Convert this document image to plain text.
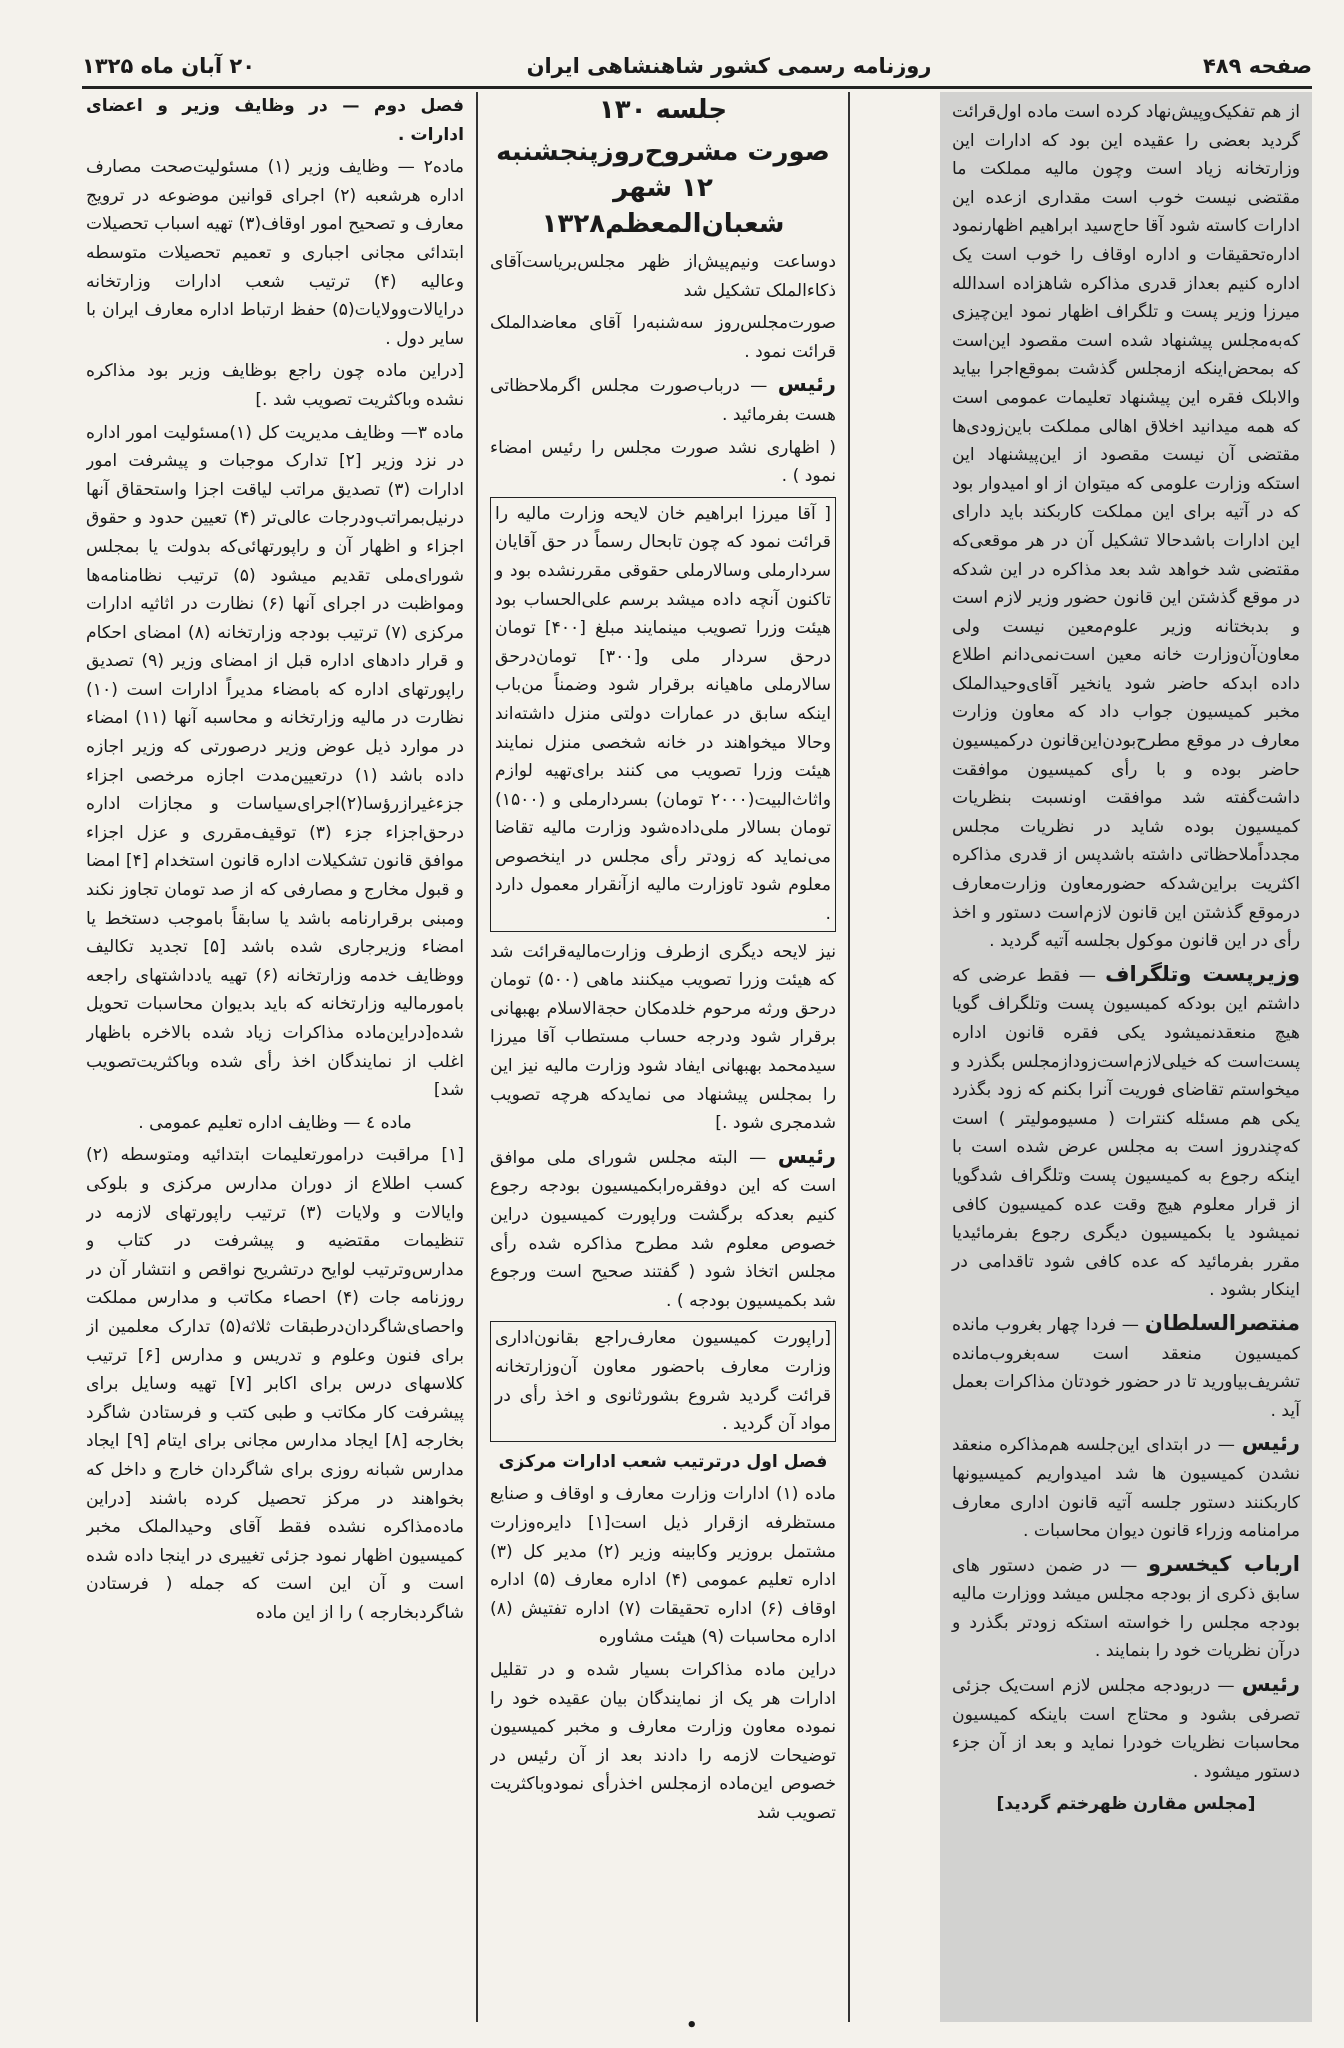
صفحه ۴۸۹
روزنامه رسمی کشور شاهنشاهی ایران
۲۰ آبان ماه ۱۳۲۵

از هم تفکیک‌وپیش‌نهاد کرده است ماده اول‌قرائت گردید بعضی را عقیده این بود که ادارات این وزارتخانه زیاد است وچون مالیه مملکت ما مقتضی نیست خوب است مقداری ازعده این ادارات کاسته شود آقا حاج‌سید ابراهیم اظهارنمود اداره‌تحقیقات و اداره اوقاف را خوب است یک اداره کنیم بعداز قدری مذاکره شاهزاده اسدالله میرزا وزیر پست و تلگراف اظهار نمود این‌چیزی که‌به‌مجلس پیشنهاد شده است مقصود این‌است که بمحض‌اینکه ازمجلس گذشت بموقع‌اجرا بیاید والابلک فقره این پیشنهاد تعلیمات عمومی است که همه میدانید اخلاق اهالی مملکت باین‌زودی‌ها مقتضی آن نیست مقصود از این‌پیشنهاد این استکه وزارت علومی که میتوان از او امیدوار بود که در آتیه برای این مملکت کاربکند باید دارای این ادارات باشدحالا تشکیل آن در هر موقعی‌که مقتضی شد خواهد شد بعد مذاکره در این شدکه در موقع گذشتن این قانون حضور وزیر لازم است و بدبختانه وزیر علوم‌معین نیست ولی معاون‌آن‌وزارت خانه معین است‌نمی‌دانم اطلاع داده ابدکه حاضر شود یانخیر آقای‌وحیدالملک مخبر کمیسیون جواب داد که معاون وزارت معارف در موقع مطرح‌بودن‌این‌قانون درکمیسیون حاضر بوده و با رأی کمیسیون موافقت داشت‌گفته شد موافقت اونسبت بنظریات کمیسیون بوده شاید در نظریات مجلس مجدداً‌ملاحظاتی داشته باشدپس از قدری مذاکره اکثریت براین‌شدکه حضورمعاون وزارت‌معارف درموقع گذشتن این قانون لازم‌است دستور و اخذ رأی در این قانون موکول بجلسه آتیه گردید .

وزیرپست وتلگراف — فقط عرضی که داشتم این بودکه کمیسیون پست وتلگراف گویا هیچ منعقدنمیشود یکی فقره قانون اداره پست‌است که خیلی‌لازم‌است‌زودازمجلس بگذرد و میخواستم تقاضای فوریت آنرا بکنم که زود بگذرد یکی هم مسئله کنترات ( مسیومولیتر ) است که‌چندروز است به مجلس عرض شده است با اینکه رجوع به کمیسیون پست وتلگراف شدگویا از قرار معلوم هیچ وقت عده کمیسیون کافی نمیشود یا بکمیسیون دیگری رجوع بفرمائیدیا مقرر بفرمائید که عده کافی شود تاقدامی در اینکار بشود .

منتصرالسلطان — فردا چهار بغروب مانده کمیسیون منعقد است سه‌بغروب‌مانده تشریف‌بیاورید تا در حضور خودتان مذاکرات بعمل آید .

رئیس — در ابتدای این‌جلسه هم‌مذاکره منعقد نشدن کمیسیون ها شد امیدواریم کمیسیونها کاربکنند دستور جلسه آتیه قانون اداری معارف مرامنامه وزراء قانون دیوان محاسبات .

ارباب کیخسرو — در ضمن دستور های سابق ذکری از بودجه مجلس میشد ووزارت مالیه بودجه مجلس را خواسته استکه زودتر بگذرد و درآن نظریات خود را بنمایند .

رئیس — دربودجه مجلس لازم است‌یک جزئی تصرفی بشود و محتاج است باینکه کمیسیون محاسبات نظریات خودرا نماید و بعد از آن جزء دستور میشود .

[مجلس مقارن ظهرختم گردید]

جلسه ۱۳۰

صورت مشروح‌روزپنجشنبه ۱۲ شهر شعبان‌المعظم۱۳۲۸

دوساعت ونیم‌پیش‌از ظهر مجلس‌بریاست‌آقای ذکاءالملک تشکیل شد

صورت‌مجلس‌روز سه‌شنبه‌را آقای معاضدالملک قرائت نمود .

رئیس — درباب‌صورت مجلس اگرملاحظاتی هست بفرمائید .

( اظهاری نشد صورت مجلس را رئیس امضاء نمود ) .

[ آقا میرزا ابراهیم خان لایحه وزارت مالیه را قرائت نمود که چون تابحال رسماً در حق آقایان سردارملی وسالارملی حقوقی مقررنشده بود و تاکنون آنچه داده میشد برسم علی‌الحساب بود هیئت وزرا تصویب مینمایند مبلغ [۴۰۰] تومان درحق سردار ملی و[۳۰۰] تومان‌درحق سالارملی ماهیانه برقرار شود وضمناً من‌باب اینکه سابق در عمارات دولتی منزل داشته‌اند وحالا میخواهند در خانه شخصی منزل نمایند هیئت وزرا تصویب می کنند برای‌تهیه لوازم واثاث‌البیت(۲۰۰۰ تومان) بسردارملی و (۱۵۰۰) تومان بسالار ملی‌داده‌شود وزارت مالیه تقاضا می‌نماید که زودتر رأی مجلس در اینخصوص معلوم شود تاوزارت مالیه ازآنقرار معمول دارد .

نیز لایحه دیگری ازطرف وزارت‌مالیه‌قرائت شد که هیئت وزرا تصویب میکنند ماهی (۵۰۰) تومان درحق ورثه مرحوم خلدمکان حجة‌الاسلام بهبهانی برقرار شود ودرجه حساب مستطاب آقا میرزا سیدمحمد بهبهانی ایفاد شود وزارت مالیه نیز این را بمجلس پیشنهاد می نمایدکه هرچه تصویب شدمجری شود .]

رئیس — البته مجلس شورای ملی موافق است که این دوفقره‌رابکمیسیون بودجه رجوع کنیم بعدکه برگشت وراپورت کمیسیون دراین خصوص معلوم شد مطرح مذاکره شده رأی مجلس اتخاذ شود ( گفتند صحیح است ورجوع شد بکمیسیون بودجه ) .

[راپورت کمیسیون معارف‌راجع بقانون‌اداری وزارت معارف باحضور معاون آن‌وزارتخانه قرائت گردید شروع بشورثانوی و اخذ رأی در مواد آن گردید .

فصل اول درترتیب شعب ادارات مرکزی

ماده (۱) ادارات وزارت معارف و اوقاف و صنایع مستظرفه ازقرار ذیل است[۱] دایره‌وزارت مشتمل بروزیر وکابینه وزیر (۲) مدیر کل (۳) اداره تعلیم عمومی (۴) اداره معارف (۵) اداره اوقاف (۶) اداره تحقیقات (۷) اداره تفتیش (۸) اداره محاسبات (۹) هیئت مشاوره

دراین ماده مذاکرات بسیار شده و در تقلیل ادارات هر یک از نمایندگان بیان عقیده خود را نموده معاون وزارت معارف و مخبر کمیسیون توضیحات لازمه را دادند بعد از آن رئیس در خصوص این‌ماده ازمجلس اخذرأی نمودوباکثریت تصویب شد

فصل دوم — در وظایف وزیر و اعضای ادارات .

ماده۲ — وظایف وزیر (۱) مسئولیت‌صحت مصارف اداره هرشعبه (۲) اجرای قوانین موضوعه در ترویج معارف و تصحیح امور اوقاف(۳) تهیه اسباب تحصیلات ابتدائی مجانی اجباری و تعمیم تحصیلات متوسطه وعالیه (۴) ترتیب شعب ادارات وزارتخانه درایالات‌وولایات(۵) حفظ ارتباط اداره معارف ایران با سایر دول .

[دراین ماده چون راجع بوظایف وزیر بود مذاکره نشده وباکثریت تصویب شد .]

ماده ۳— وظایف مدیریت کل (۱)مسئولیت امور اداره در نزد وزیر [۲] تدارک موجبات و پیشرفت امور ادارات (۳) تصدیق مراتب لیاقت اجزا واستحقاق آنها درنیل‌بمراتب‌ودرجات عالی‌تر (۴) تعیین حدود و حقوق اجزاء و اظهار آن و راپورتهائی‌که بدولت یا بمجلس شورای‌ملی تقدیم میشود (۵) ترتیب نظامنامه‌ها ومواظبت در اجرای آنها (۶) نظارت در اثاثیه ادارات مرکزی (۷) ترتیب بودجه وزارتخانه (۸) امضای احکام و قرار دادهای اداره قبل از امضای وزیر (۹) تصدیق راپورتهای اداره که بامضاء مدیراً ادارات است (۱۰) نظارت در مالیه وزارتخانه و محاسبه آنها (۱۱) امضاء در موارد ذیل عوض وزیر درصورتی که وزیر اجازه داده باشد (۱) درتعیین‌مدت اجازه مرخصی اجزاء جزءغیرازرؤسا(۲)اجرای‌سیاسات و مجازات اداره درحق‌اجزاء جزء (۳) توقیف‌مقرری و عزل اجزاء موافق قانون تشکیلات اداره قانون استخدام [۴] امضا و قبول مخارج و مصارفی که از صد تومان تجاوز نکند ومبنی برقرارنامه باشد یا سابقاً باموجب دستخط یا امضاء وزیرجاری شده باشد [۵] تجدید تکالیف ووظایف خدمه وزارتخانه (۶) تهیه یادداشتهای راجعه بامورمالیه وزارتخانه که باید بدیوان محاسبات تحویل شده[دراین‌ماده مذاکرات زیاد شده بالاخره باظهار اغلب از نمایندگان اخذ رأی شده وباکثریت‌تصویب شد]

ماده ٤ — وظایف اداره تعلیم عمومی .

[۱] مراقبت درامورتعلیمات ابتدائیه ومتوسطه (۲) کسب اطلاع از دوران مدارس مرکزی و بلوکی وایالات و ولایات (۳) ترتیب راپورتهای لازمه در تنظیمات مقتضیه و پیشرفت در کتاب و مدارس‌وترتیب لوایح درتشریح نواقص و انتشار آن در روزنامه جات (۴) احصاء مکاتب و مدارس مملکت واحصای‌شاگردان‌درطبقات ثلاثه(۵) تدارک معلمین از برای فنون وعلوم و تدریس و مدارس [۶] ترتیب کلاسهای درس برای اکابر [۷] تهیه وسایل برای پیشرفت کار مکاتب و طبی کتب و فرستادن شاگرد بخارجه [۸] ایجاد مدارس مجانی برای ایتام [۹] ایجاد مدارس شبانه روزی برای شاگردان خارج و داخل که بخواهند در مرکز تحصیل کرده باشند [دراین ماده‌مذاکره نشده فقط آقای وحیدالملک مخبر کمیسیون اظهار نمود جزئی تغییری در اینجا داده شده است و آن این است که جمله ( فرستادن شاگردبخارجه ) را از این ماده

•
